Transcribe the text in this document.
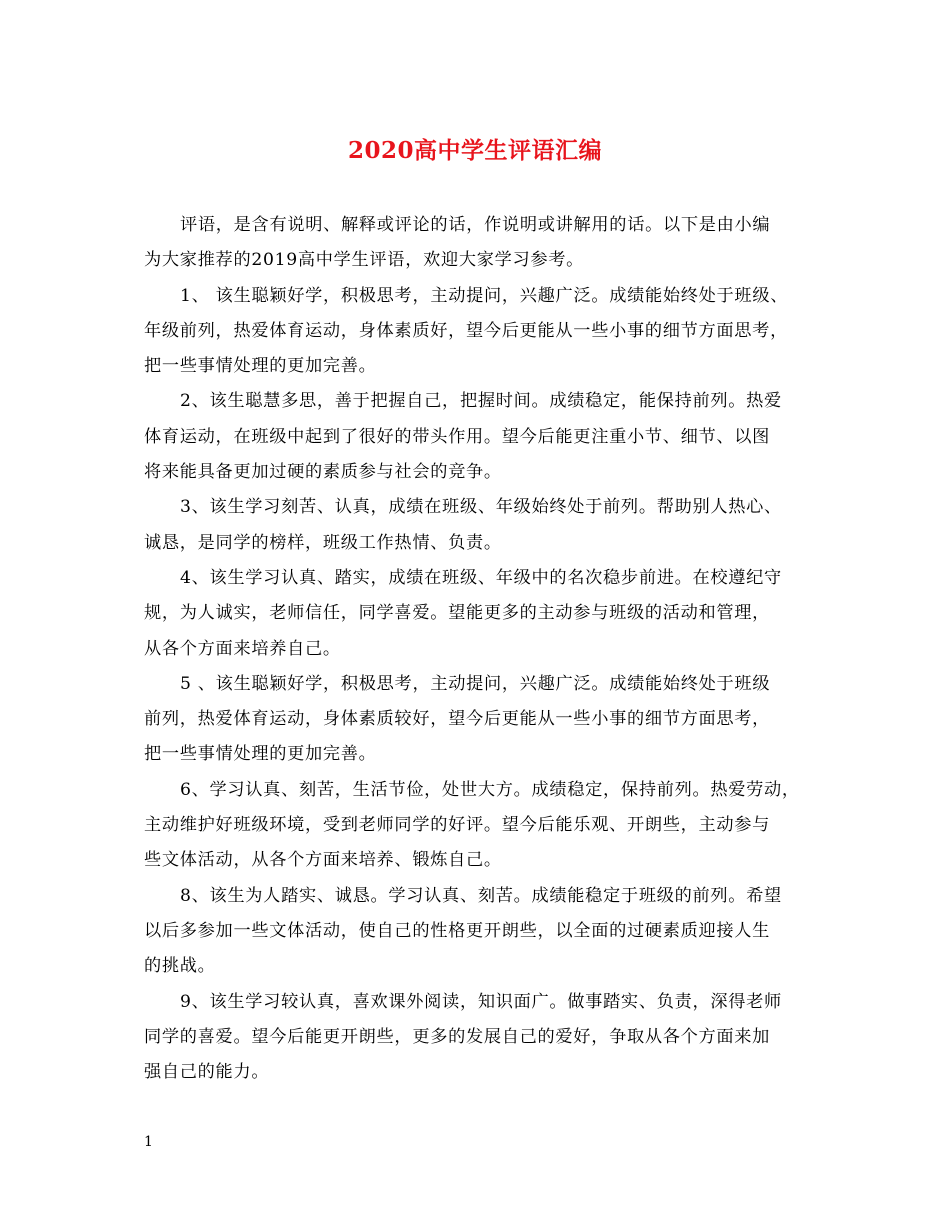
2020高中学生评语汇编

评语，是含有说明、解释或评论的话，作说明或讲解用的话。以下是由小编
为大家推荐的2019高中学生评语，欢迎大家学习参考。

1、 该生聪颖好学，积极思考，主动提问，兴趣广泛。成绩能始终处于班级、
年级前列，热爱体育运动，身体素质好，望今后更能从一些小事的细节方面思考，
把一些事情处理的更加完善。

2、该生聪慧多思，善于把握自己，把握时间。成绩稳定，能保持前列。热爱
体育运动，在班级中起到了很好的带头作用。望今后能更注重小节、细节、以图
将来能具备更加过硬的素质参与社会的竞争。

3、该生学习刻苦、认真，成绩在班级、年级始终处于前列。帮助别人热心、
诚恳，是同学的榜样，班级工作热情、负责。

4、该生学习认真、踏实，成绩在班级、年级中的名次稳步前进。在校遵纪守
规，为人诚实，老师信任，同学喜爱。望能更多的主动参与班级的活动和管理，
从各个方面来培养自己。

5 、该生聪颖好学，积极思考，主动提问，兴趣广泛。成绩能始终处于班级
前列，热爱体育运动，身体素质较好，望今后更能从一些小事的细节方面思考，
把一些事情处理的更加完善。

6、学习认真、刻苦，生活节俭，处世大方。成绩稳定，保持前列。热爱劳动，
主动维护好班级环境，受到老师同学的好评。望今后能乐观、开朗些，主动参与
些文体活动，从各个方面来培养、锻炼自己。

8、该生为人踏实、诚恳。学习认真、刻苦。成绩能稳定于班级的前列。希望
以后多参加一些文体活动，使自己的性格更开朗些，以全面的过硬素质迎接人生
的挑战。

9、该生学习较认真，喜欢课外阅读，知识面广。做事踏实、负责，深得老师
同学的喜爱。望今后能更开朗些，更多的发展自己的爱好，争取从各个方面来加
强自己的能力。

1
